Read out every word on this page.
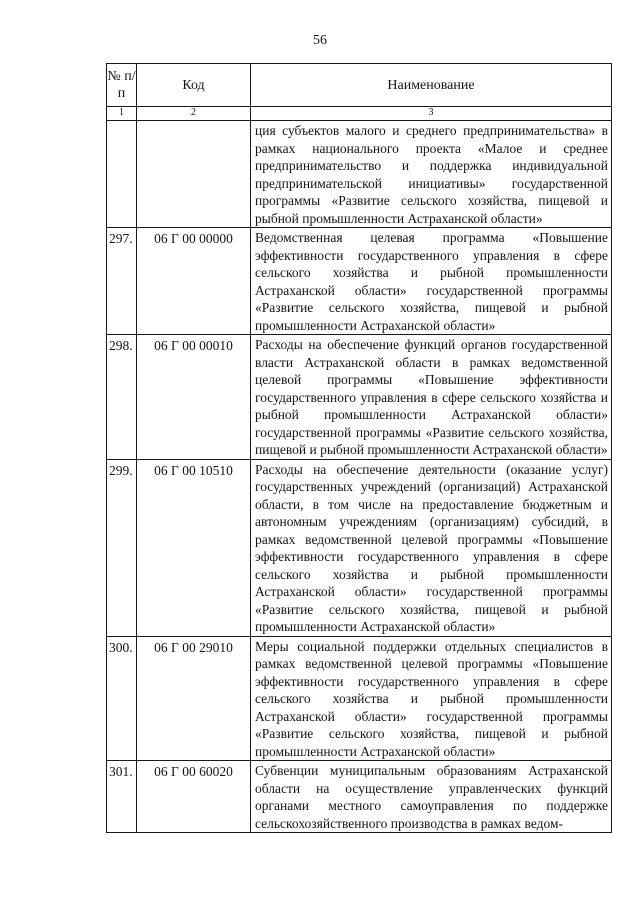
56
№ п/п	Код	Наименование
1	2	3
		ция субъектов малого и среднего предпринимательства» в рамках национального проекта «Малое и среднее предпринимательство и поддержка индивидуальной предпринимательской инициативы» государственной программы «Развитие сельского хозяйства, пищевой и рыбной промышленности Астраханской области»
297.	06 Г 00 00000	Ведомственная целевая программа «Повышение эффективности государственного управления в сфере сельского хозяйства и рыбной промышленности Астраханской области» государственной программы «Развитие сельского хозяйства, пищевой и рыбной промышленности Астраханской области»
298.	06 Г 00 00010	Расходы на обеспечение функций органов государственной власти Астраханской области в рамках ведомственной целевой программы «Повышение эффективности государственного управления в сфере сельского хозяйства и рыбной промышленности Астраханской области» государственной программы «Развитие сельского хозяйства, пищевой и рыбной промышленности Астраханской области»
299.	06 Г 00 10510	Расходы на обеспечение деятельности (оказание услуг) государственных учреждений (организаций) Астраханской области, в том числе на предоставление бюджетным и автономным учреждениям (организациям) субсидий, в рамках ведомственной целевой программы «Повышение эффективности государственного управления в сфере сельского хозяйства и рыбной промышленности Астраханской области» государственной программы «Развитие сельского хозяйства, пищевой и рыбной промышленности Астраханской области»
300.	06 Г 00 29010	Меры социальной поддержки отдельных специалистов в рамках ведомственной целевой программы «Повышение эффективности государственного управления в сфере сельского хозяйства и рыбной промышленности Астраханской области» государственной программы «Развитие сельского хозяйства, пищевой и рыбной промышленности Астраханской области»
301.	06 Г 00 60020	Субвенции муниципальным образованиям Астраханской области на осуществление управленческих функций органами местного самоуправления по поддержке сельскохозяйственного производства в рамках ведом-
